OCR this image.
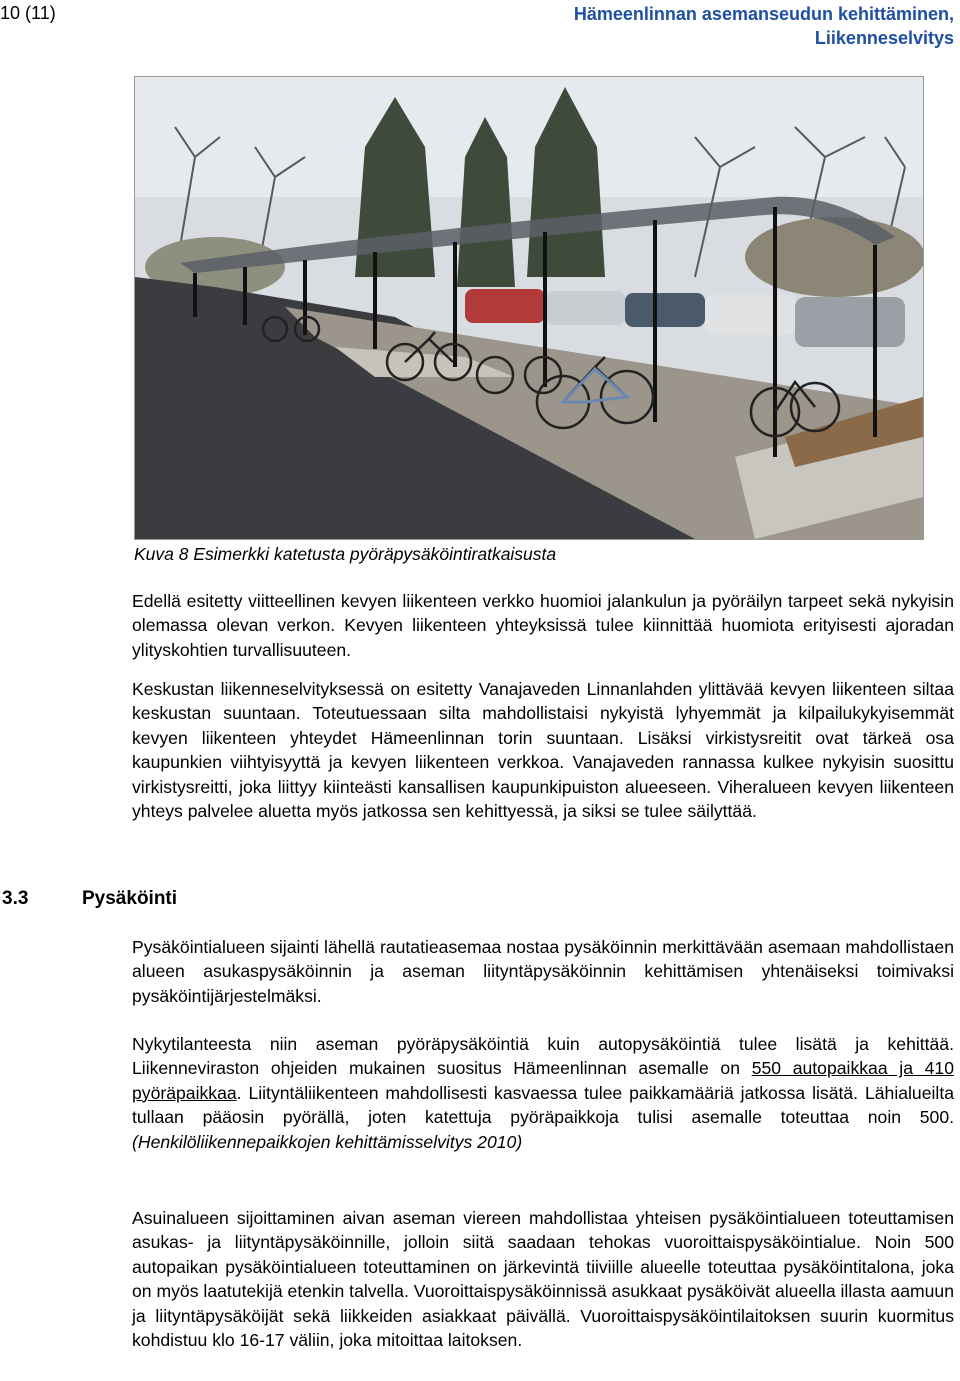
10 (11)	Hämeenlinnan asemanseudun kehittäminen,
Liikenneselvitys
Kuva 8 Esimerkki katetusta pyöräpysäköintiratkaisusta

Edellä esitetty viitteellinen kevyen liikenteen verkko huomioi jalankulun ja pyöräilyn tarpeet sekä nykyisin olemassa olevan verkon. Kevyen liikenteen yhteyksissä tulee kiinnittää huomiota erityisesti ajoradan ylityskohtien turvallisuuteen.

Keskustan liikenneselvityksessä on esitetty Vanajaveden Linnanlahden ylittävää kevyen liikenteen siltaa keskustan suuntaan. Toteutuessaan silta mahdollistaisi nykyistä lyhyemmät ja kilpailukykyisemmät kevyen liikenteen yhteydet Hämeenlinnan torin suuntaan. Lisäksi virkistysreitit ovat tärkeä osa kaupunkien viihtyisyyttä ja kevyen liikenteen verkkoa. Vanajaveden rannassa kulkee nykyisin suosittu virkistysreitti, joka liittyy kiinteästi kansallisen kaupunkipuiston alueeseen. Viheralueen kevyen liikenteen yhteys palvelee aluetta myös jatkossa sen kehittyessä, ja siksi se tulee säilyttää.

3.3	Pysäköinti

Pysäköintialueen sijainti lähellä rautatieasemaa nostaa pysäköinnin merkittävään asemaan mahdollistaen alueen asukaspysäköinnin ja aseman liityntäpysäköinnin kehittämisen yhtenäiseksi toimivaksi pysäköintijärjestelmäksi.

Nykytilanteesta niin aseman pyöräpysäköintiä kuin autopysäköintiä tulee lisätä ja kehittää. Liikenneviraston ohjeiden mukainen suositus Hämeenlinnan asemalle on 550 autopaikkaa ja 410 pyöräpaikkaa. Liityntäliikenteen mahdollisesti kasvaessa tulee paikkamääriä jatkossa lisätä. Lähialueilta tullaan pääosin pyörällä, joten katettuja pyöräpaikkoja tulisi asemalle toteuttaa noin 500. (Henkilöliikennepaikkojen kehittämisselvitys 2010)

Asuinalueen sijoittaminen aivan aseman viereen mahdollistaa yhteisen pysäköintialueen toteuttamisen asukas- ja liityntäpysäköinnille, jolloin siitä saadaan tehokas vuoroittaispysäköintialue. Noin 500 autopaikan pysäköintialueen toteuttaminen on järkevintä tiiviille alueelle toteuttaa pysäköintitalona, joka on myös laatutekijä etenkin talvella. Vuoroittaispysäköinnissä asukkaat pysäköivät alueella illasta aamuun ja liityntäpysäköijät sekä liikkeiden asiakkaat päivällä. Vuoroittaispysäköintilaitoksen suurin kuormitus kohdistuu klo 16-17 väliin, joka mitoittaa laitoksen.
